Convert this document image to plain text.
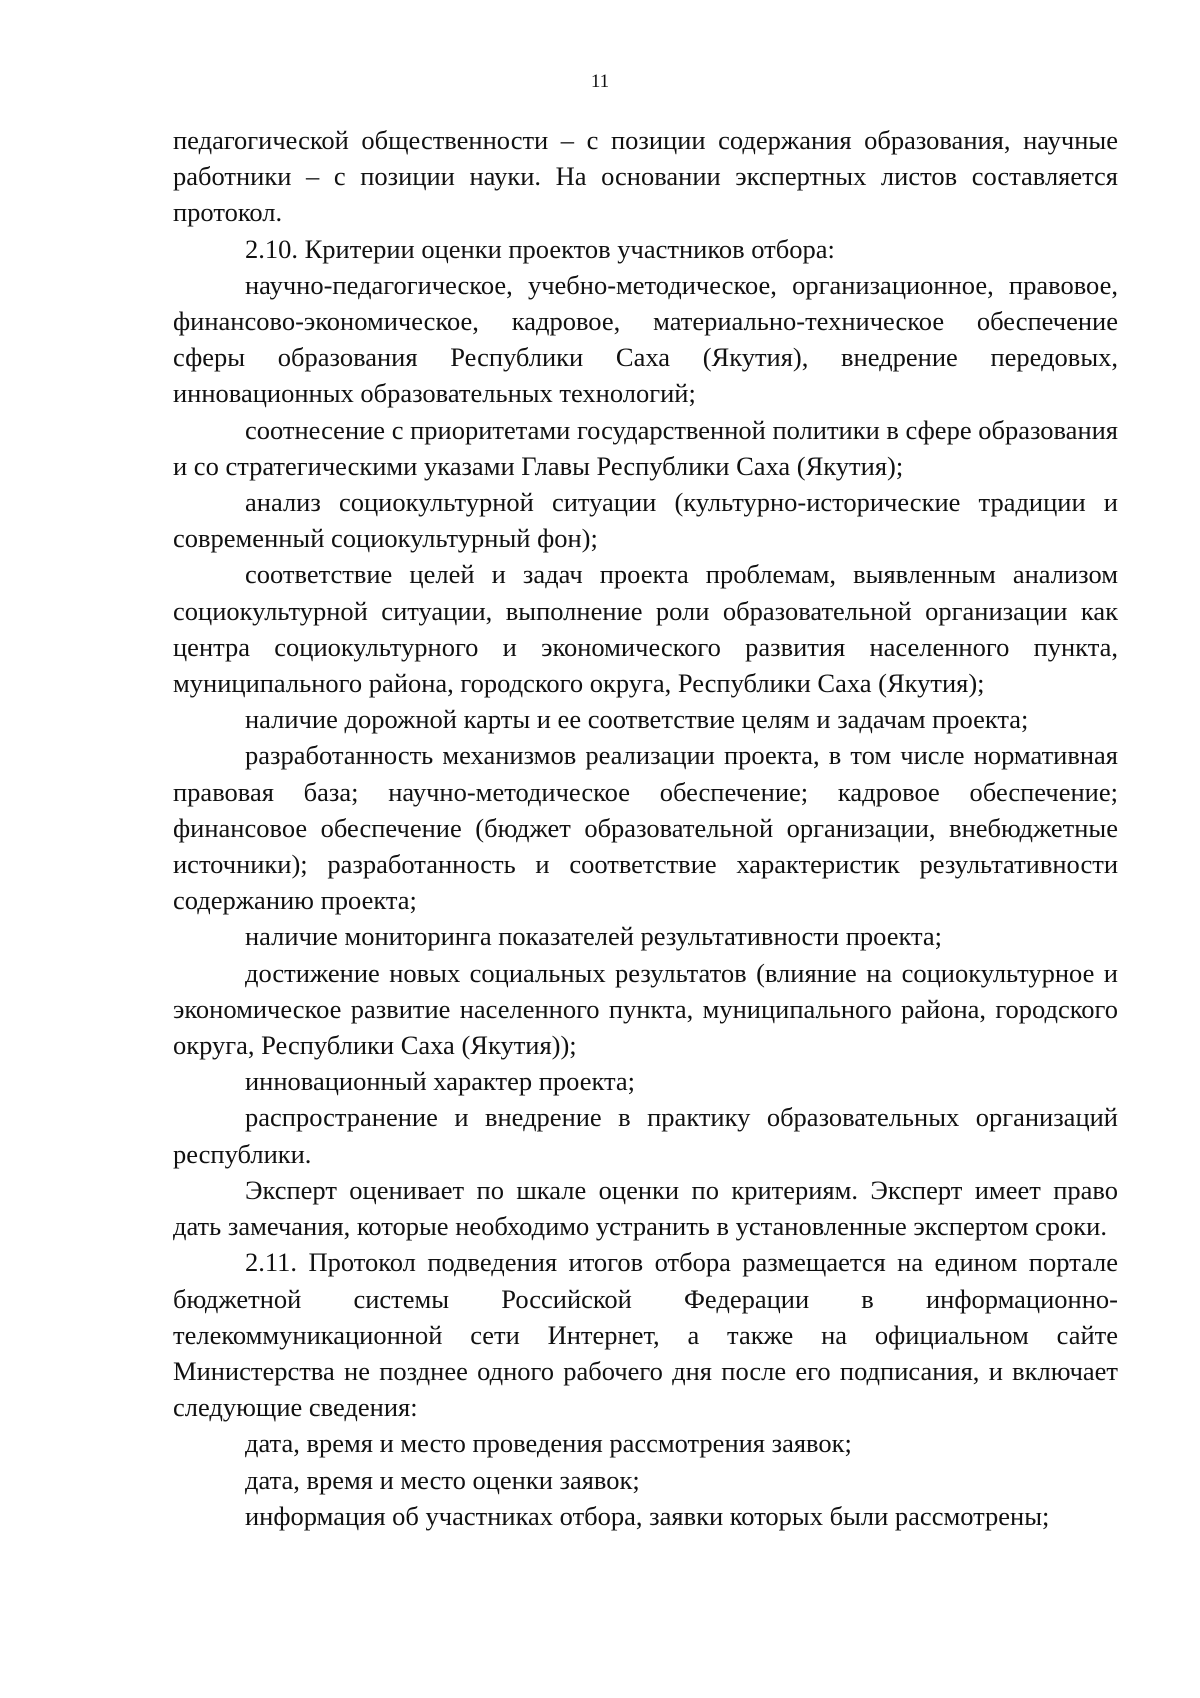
11

педагогической общественности – с позиции содержания образования, научные работники – с позиции науки. На основании экспертных листов составляется протокол.

2.10. Критерии оценки проектов участников отбора:

научно-педагогическое, учебно-методическое, организационное, правовое, финансово-экономическое, кадровое, материально-техническое обеспечение сферы образования Республики Саха (Якутия), внедрение передовых, инновационных образовательных технологий;

соотнесение с приоритетами государственной политики в сфере образования и со стратегическими указами Главы Республики Саха (Якутия);

анализ социокультурной ситуации (культурно-исторические традиции и современный социокультурный фон);

соответствие целей и задач проекта проблемам, выявленным анализом социокультурной ситуации, выполнение роли образовательной организации как центра социокультурного и экономического развития населенного пункта, муниципального района, городского округа, Республики Саха (Якутия);

наличие дорожной карты и ее соответствие целям и задачам проекта;

разработанность механизмов реализации проекта, в том числе нормативная правовая база; научно-методическое обеспечение; кадровое обеспечение; финансовое обеспечение (бюджет образовательной организации, внебюджетные источники); разработанность и соответствие характеристик результативности содержанию проекта;

наличие мониторинга показателей результативности проекта;

достижение новых социальных результатов (влияние на социокультурное и экономическое развитие населенного пункта, муниципального района, городского округа, Республики Саха (Якутия));

инновационный характер проекта;

распространение и внедрение в практику образовательных организаций республики.

Эксперт оценивает по шкале оценки по критериям. Эксперт имеет право дать замечания, которые необходимо устранить в установленные экспертом сроки.

2.11. Протокол подведения итогов отбора размещается на едином портале бюджетной системы Российской Федерации в информационно-телекоммуникационной сети Интернет, а также на официальном сайте Министерства не позднее одного рабочего дня после его подписания, и включает следующие сведения:

дата, время и место проведения рассмотрения заявок;

дата, время и место оценки заявок;

информация об участниках отбора, заявки которых были рассмотрены;
